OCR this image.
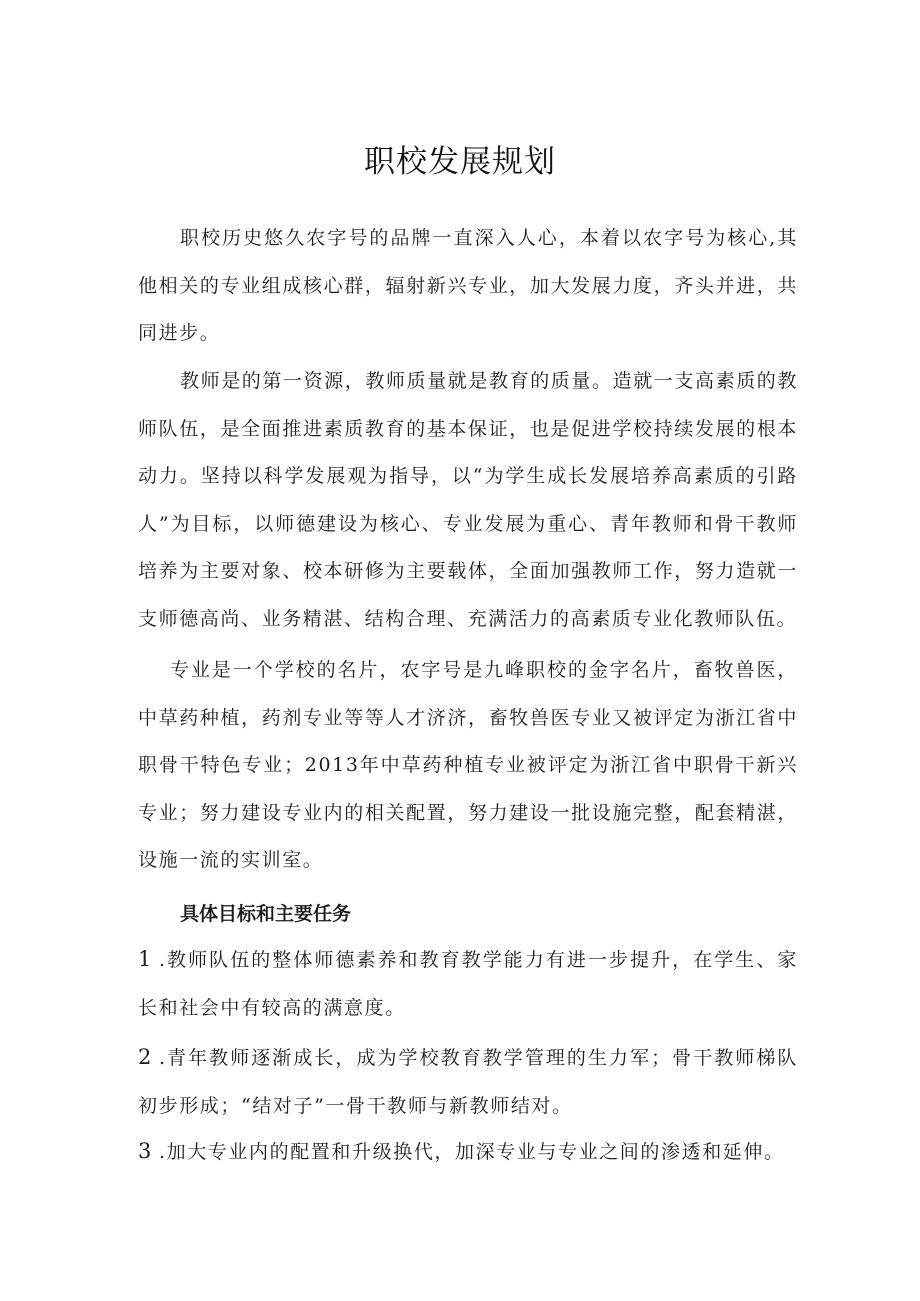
职校发展规划

职校历史悠久农字号的品牌一直深入人心，本着以农字号为核心,其他相关的专业组成核心群，辐射新兴专业，加大发展力度，齐头并进，共同进步。

教师是的第一资源，教师质量就是教育的质量。造就一支高素质的教师队伍，是全面推进素质教育的基本保证，也是促进学校持续发展的根本动力。坚持以科学发展观为指导，以“为学生成长发展培养高素质的引路人”为目标，以师德建设为核心、专业发展为重心、青年教师和骨干教师培养为主要对象、校本研修为主要载体，全面加强教师工作，努力造就一支师德高尚、业务精湛、结构合理、充满活力的高素质专业化教师队伍。

专业是一个学校的名片，农字号是九峰职校的金字名片，畜牧兽医，中草药种植，药剂专业等等人才济济，畜牧兽医专业又被评定为浙江省中职骨干特色专业；2013年中草药种植专业被评定为浙江省中职骨干新兴专业；努力建设专业内的相关配置，努力建设一批设施完整，配套精湛，设施一流的实训室。

具体目标和主要任务

1 .教师队伍的整体师德素养和教育教学能力有进一步提升，在学生、家长和社会中有较高的满意度。

2 .青年教师逐渐成长，成为学校教育教学管理的生力军；骨干教师梯队初步形成；“结对子”一骨干教师与新教师结对。

3 .加大专业内的配置和升级换代，加深专业与专业之间的渗透和延伸。
